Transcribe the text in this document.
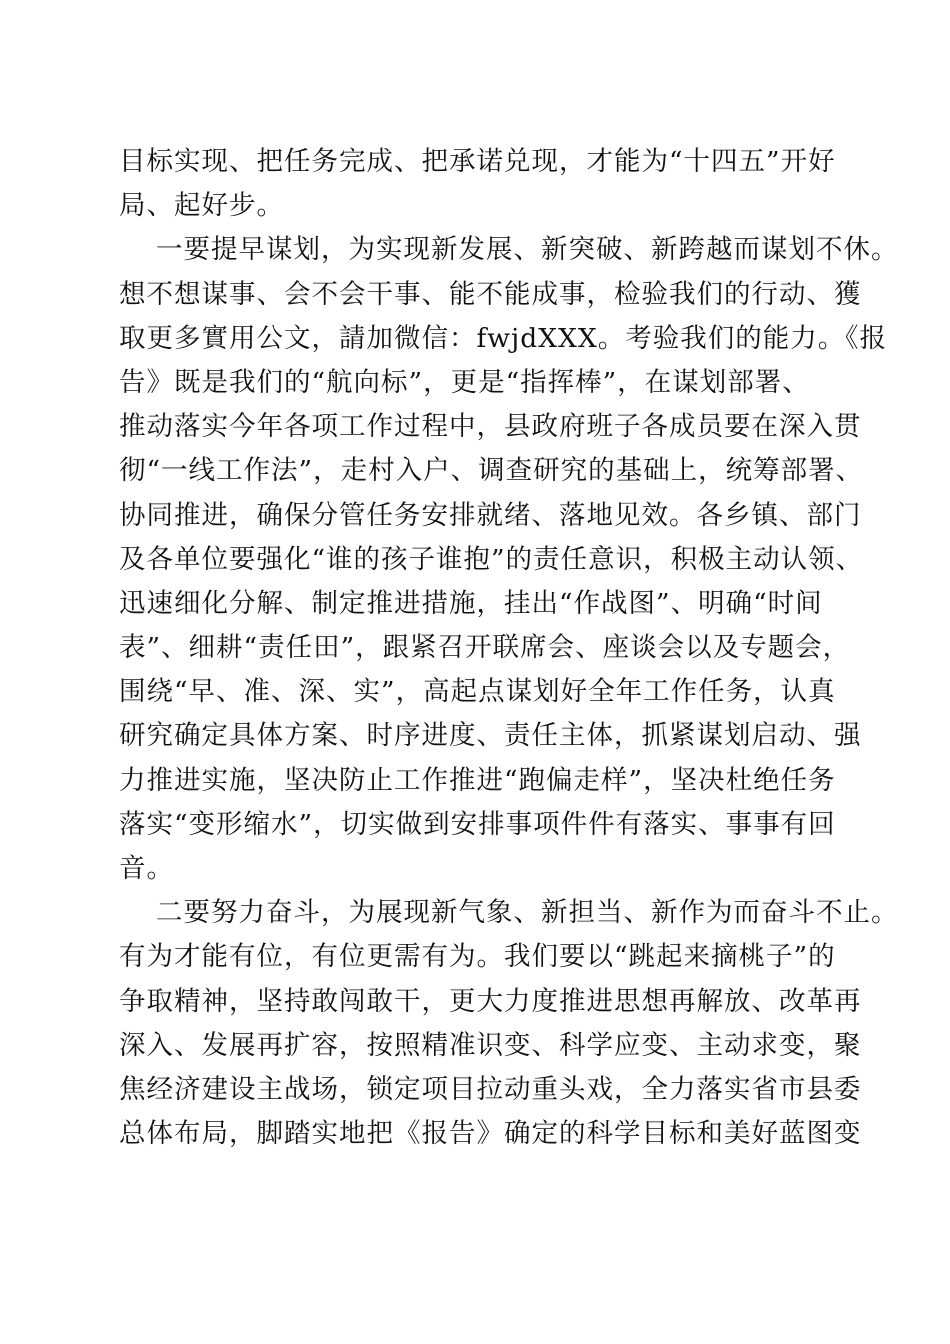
目标实现、把任务完成、把承诺兑现，才能为“十四五”开好
局、起好步。
一要提早谋划，为实现新发展、新突破、新跨越而谋划不休。
想不想谋事、会不会干事、能不能成事，检验我们的行动、獲
取更多實用公文，請加微信：fwjdXXX。考验我们的能力。《报
告》既是我们的“航向标”，更是“指挥棒”，在谋划部署、
推动落实今年各项工作过程中，县政府班子各成员要在深入贯
彻“一线工作法”，走村入户、调查研究的基础上，统筹部署、
协同推进，确保分管任务安排就绪、落地见效。各乡镇、部门
及各单位要强化“谁的孩子谁抱”的责任意识，积极主动认领、
迅速细化分解、制定推进措施，挂出“作战图”、明确“时间
表”、细耕“责任田”，跟紧召开联席会、座谈会以及专题会，
围绕“早、准、深、实”，高起点谋划好全年工作任务，认真
研究确定具体方案、时序进度、责任主体，抓紧谋划启动、强
力推进实施，坚决防止工作推进“跑偏走样”，坚决杜绝任务
落实“变形缩水”，切实做到安排事项件件有落实、事事有回
音。
二要努力奋斗，为展现新气象、新担当、新作为而奋斗不止。
有为才能有位，有位更需有为。我们要以“跳起来摘桃子”的
争取精神，坚持敢闯敢干，更大力度推进思想再解放、改革再
深入、发展再扩容，按照精准识变、科学应变、主动求变，聚
焦经济建设主战场，锁定项目拉动重头戏，全力落实省市县委
总体布局，脚踏实地把《报告》确定的科学目标和美好蓝图变
